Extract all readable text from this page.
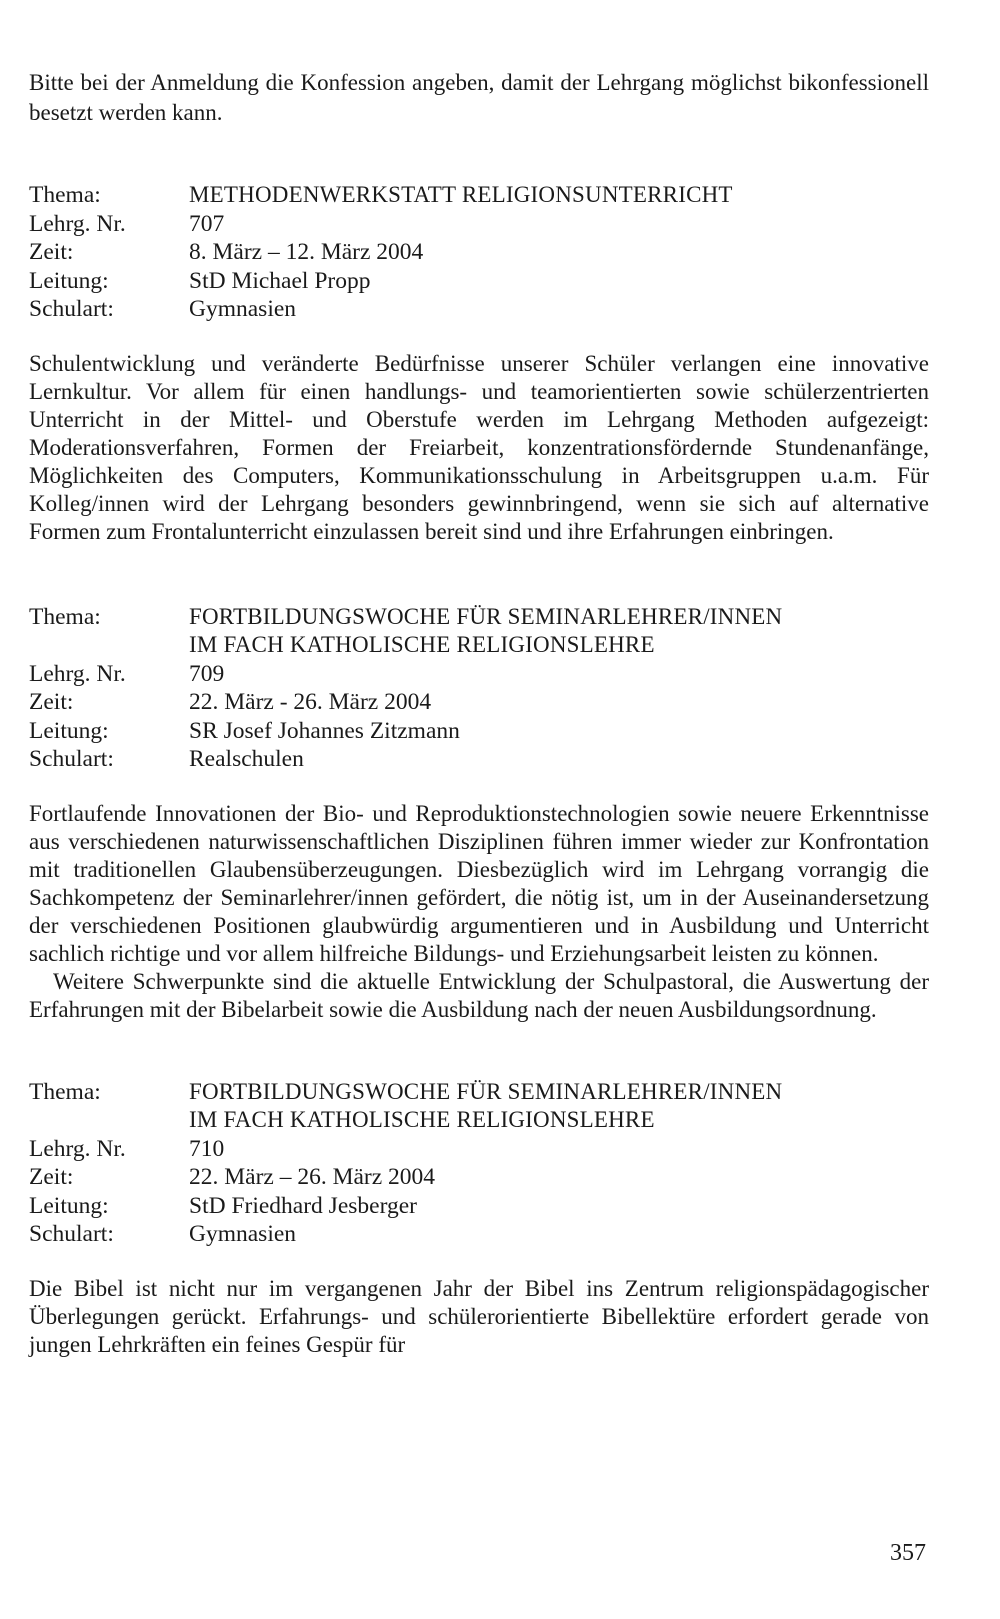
Bitte bei der Anmeldung die Konfession angeben, damit der Lehrgang möglichst bikonfessionell besetzt werden kann.

Thema:	METHODENWERKSTATT RELIGIONSUNTERRICHT
Lehrg. Nr.	707
Zeit:	8. März – 12. März 2004
Leitung:	StD Michael Propp
Schulart:	Gymnasien

Schulentwicklung und veränderte Bedürfnisse unserer Schüler verlangen eine innovative Lernkultur. Vor allem für einen handlungs- und teamorientierten sowie schülerzentrierten Unterricht in der Mittel- und Oberstufe werden im Lehrgang Methoden aufgezeigt: Moderationsverfahren, Formen der Freiarbeit, konzentrationsfördernde Stundenanfänge, Möglichkeiten des Computers, Kommunikationsschulung in Arbeitsgruppen u.a.m. Für Kolleg/innen wird der Lehrgang besonders gewinnbringend, wenn sie sich auf alternative Formen zum Frontalunterricht einzulassen bereit sind und ihre Erfahrungen einbringen.

Thema:	FORTBILDUNGSWOCHE FÜR SEMINARLEHRER/INNEN
IM FACH KATHOLISCHE RELIGIONSLEHRE
Lehrg. Nr.	709
Zeit:	22. März - 26. März 2004
Leitung:	SR Josef Johannes Zitzmann
Schulart:	Realschulen

Fortlaufende Innovationen der Bio- und Reproduktionstechnologien sowie neuere Erkenntnisse aus verschiedenen naturwissenschaftlichen Disziplinen führen immer wieder zur Konfrontation mit traditionellen Glaubensüberzeugungen. Diesbezüglich wird im Lehrgang vorrangig die Sachkompetenz der Seminarlehrer/innen gefördert, die nötig ist, um in der Auseinandersetzung der verschiedenen Positionen glaubwürdig argumentieren und in Ausbildung und Unterricht sachlich richtige und vor allem hilfreiche Bildungs- und Erziehungsarbeit leisten zu können.

Weitere Schwerpunkte sind die aktuelle Entwicklung der Schulpastoral, die Auswertung der Erfahrungen mit der Bibelarbeit sowie die Ausbildung nach der neuen Ausbildungsordnung.

Thema:	FORTBILDUNGSWOCHE FÜR SEMINARLEHRER/INNEN
IM FACH KATHOLISCHE RELIGIONSLEHRE
Lehrg. Nr.	710
Zeit:	22. März – 26. März 2004
Leitung:	StD Friedhard Jesberger
Schulart:	Gymnasien

Die Bibel ist nicht nur im vergangenen Jahr der Bibel ins Zentrum religionspädagogischer Überlegungen gerückt. Erfahrungs- und schülerorientierte Bibellektüre erfordert gerade von jungen Lehrkräften ein feines Gespür für

357
